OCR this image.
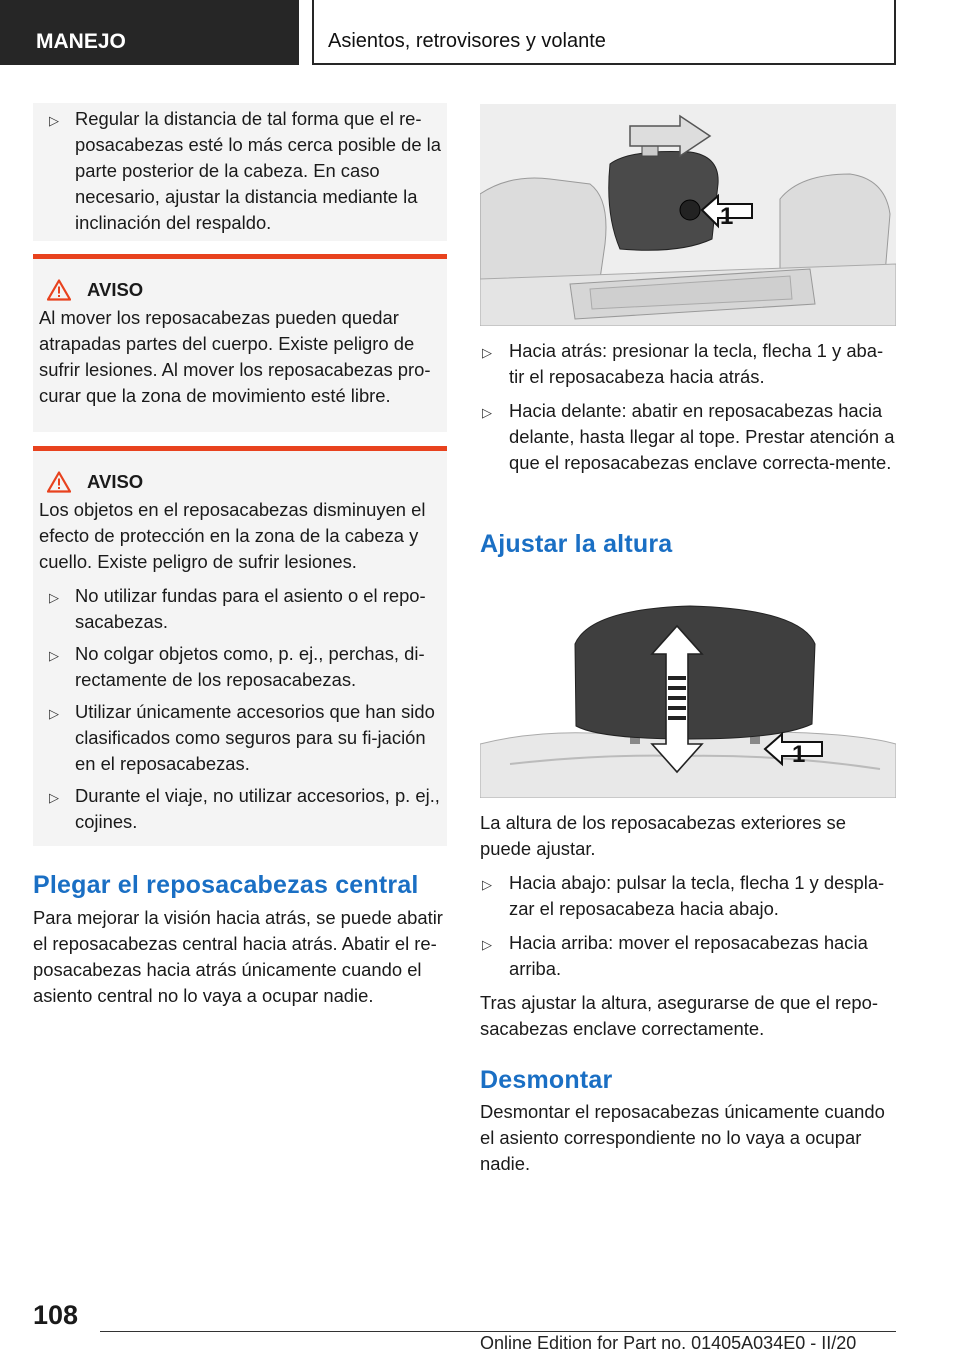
MANEJO	Asientos, retrovisores y volante
▷ Regular la distancia de tal forma que el re‐posacabezas esté lo más cerca posible de la parte posterior de la cabeza. En caso necesario, ajustar la distancia mediante la inclinación del respaldo.
AVISO
Al mover los reposacabezas pueden quedar atrapadas partes del cuerpo. Existe peligro de sufrir lesiones. Al mover los reposacabezas pro‐curar que la zona de movimiento esté libre.
AVISO
Los objetos en el reposacabezas disminuyen el efecto de protección en la zona de la cabeza y cuello. Existe peligro de sufrir lesiones.
▷ No utilizar fundas para el asiento o el repo‐sacabezas.
▷ No colgar objetos como, p. ej., perchas, di‐rectamente de los reposacabezas.
▷ Utilizar únicamente accesorios que han sido clasificados como seguros para su fi‐jación en el reposacabezas.
▷ Durante el viaje, no utilizar accesorios, p. ej., cojines.
Plegar el reposacabezas central
Para mejorar la visión hacia atrás, se puede abatir el reposacabezas central hacia atrás. Abatir el re‐posacabezas hacia atrás únicamente cuando el asiento central no lo vaya a ocupar nadie.
1
▷ Hacia atrás: presionar la tecla, flecha 1 y aba‐tir el reposacabeza hacia atrás.
▷ Hacia delante: abatir en reposacabezas hacia delante, hasta llegar al tope. Prestar atención a que el reposacabezas enclave correcta‐mente.
Ajustar la altura
1
La altura de los reposacabezas exteriores se puede ajustar.
▷ Hacia abajo: pulsar la tecla, flecha 1 y despla‐zar el reposacabeza hacia abajo.
▷ Hacia arriba: mover el reposacabezas hacia arriba.
Tras ajustar la altura, asegurarse de que el repo‐sacabezas enclave correctamente.
Desmontar
Desmontar el reposacabezas únicamente cuando el asiento correspondiente no lo vaya a ocupar nadie.
108
Online Edition for Part no. 01405A034E0 - II/20
